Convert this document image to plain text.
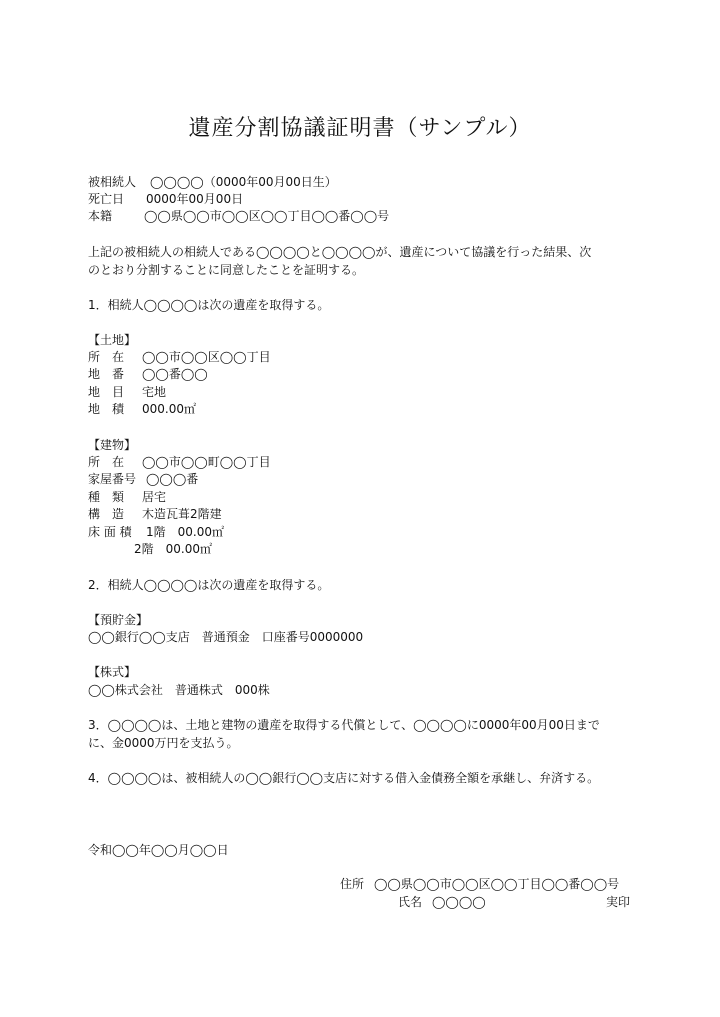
遺産分割協議証明書（サンプル）
被相続人 ◯◯◯◯（0000年00月00日生）
死亡日 0000年00月00日
本籍	◯◯県◯◯市◯◯区◯◯丁目◯◯番◯◯号
上記の被相続人の相続人である◯◯◯◯と◯◯◯◯が、遺産について協議を行った結果、次
のとおり分割することに同意したことを証明する。
1．相続人◯◯◯◯は次の遺産を取得する。
【土地】
所　在 ◯◯市◯◯区◯◯丁目
地　番 ◯◯番◯◯
地　目 宅地
地　積 000.00㎡
【建物】
所　在 ◯◯市◯◯町◯◯丁目
家屋番号 ◯◯◯番
種　類 居宅
構　造 木造瓦葺2階建
床 面 積 1階　00.00㎡
2階　00.00㎡
2．相続人◯◯◯◯は次の遺産を取得する。
【預貯金】
◯◯銀行◯◯支店　普通預金　口座番号0000000
【株式】
◯◯株式会社　普通株式　000株
3．◯◯◯◯は、土地と建物の遺産を取得する代償として、◯◯◯◯に0000年00月00日まで
に、金0000万円を支払う。
4．◯◯◯◯は、被相続人の◯◯銀行◯◯支店に対する借入金債務全額を承継し、弁済する。
令和◯◯年◯◯月◯◯日
住所 ◯◯県◯◯市◯◯区◯◯丁目◯◯番◯◯号
氏名 ◯◯◯◯	実印
